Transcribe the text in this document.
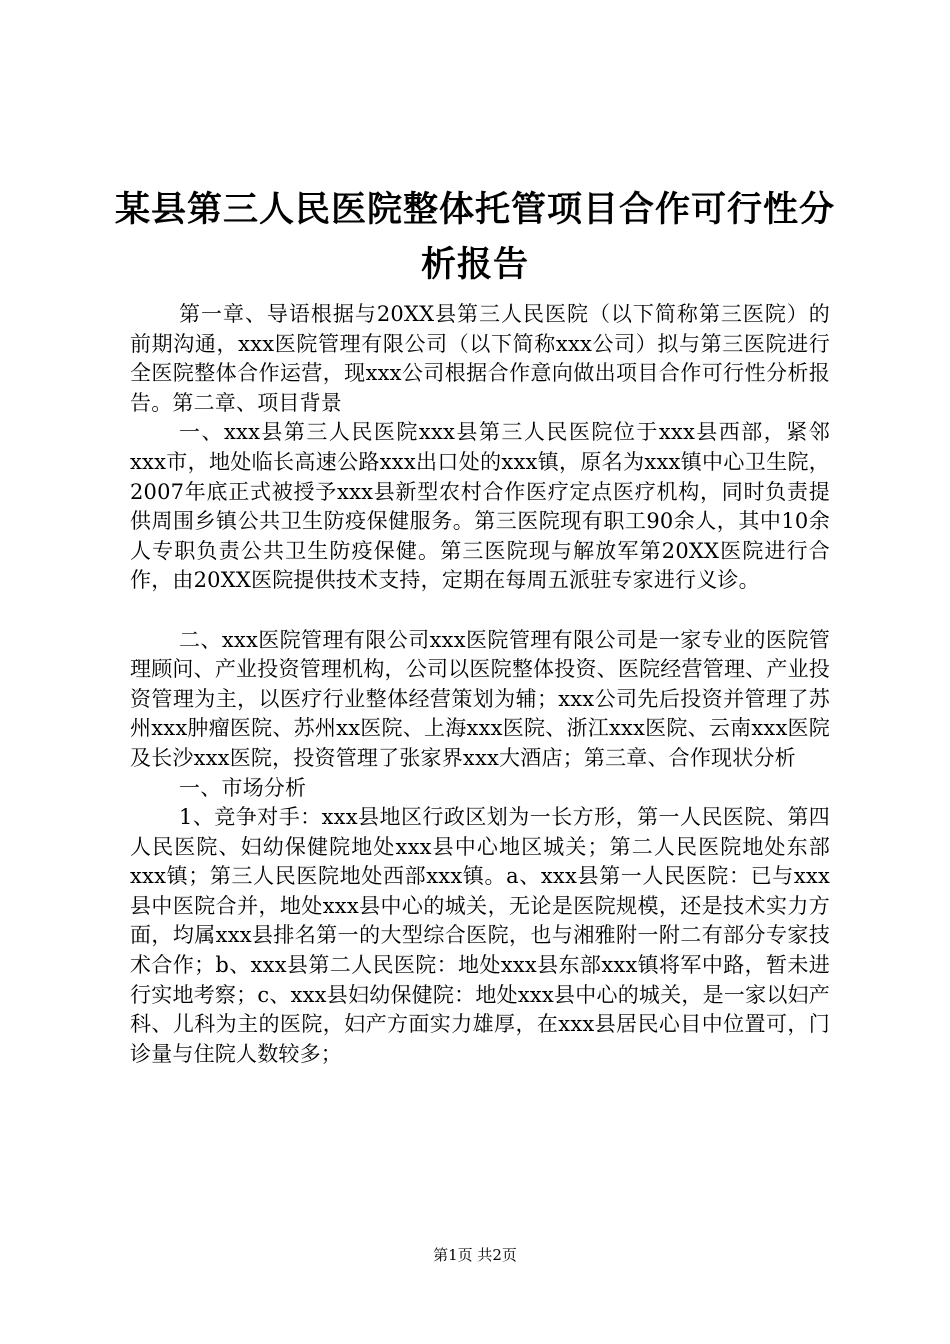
某县第三人民医院整体托管项目合作可行性分
析报告

第一章、导语根据与20XX县第三人民医院（以下简称第三医院）的前期沟通，xxx医院管理有限公司（以下简称xxx公司）拟与第三医院进行全医院整体合作运营，现xxx公司根据合作意向做出项目合作可行性分析报告。第二章、项目背景

一、xxx县第三人民医院xxx县第三人民医院位于xxx县西部，紧邻xxx市，地处临长高速公路xxx出口处的xxx镇，原名为xxx镇中心卫生院，2007年底正式被授予xxx县新型农村合作医疗定点医疗机构，同时负责提供周围乡镇公共卫生防疫保健服务。第三医院现有职工90余人，其中10余人专职负责公共卫生防疫保健。第三医院现与解放军第20XX医院进行合作，由20XX医院提供技术支持，定期在每周五派驻专家进行义诊。

二、xxx医院管理有限公司xxx医院管理有限公司是一家专业的医院管理顾问、产业投资管理机构，公司以医院整体投资、医院经营管理、产业投资管理为主，以医疗行业整体经营策划为辅；xxx公司先后投资并管理了苏州xxx肿瘤医院、苏州xx医院、上海xxx医院、浙江xxx医院、云南xxx医院及长沙xxx医院，投资管理了张家界xxx大酒店；第三章、合作现状分析

一、市场分析

1、竞争对手：xxx县地区行政区划为一长方形，第一人民医院、第四人民医院、妇幼保健院地处xxx县中心地区城关；第二人民医院地处东部xxx镇；第三人民医院地处西部xxx镇。a、xxx县第一人民医院：已与xxx县中医院合并，地处xxx县中心的城关，无论是医院规模，还是技术实力方面，均属xxx县排名第一的大型综合医院，也与湘雅附一附二有部分专家技术合作；b、xxx县第二人民医院：地处xxx县东部xxx镇将军中路，暂未进行实地考察；c、xxx县妇幼保健院：地处xxx县中心的城关，是一家以妇产科、儿科为主的医院，妇产方面实力雄厚，在xxx县居民心目中位置可，门诊量与住院人数较多；

第1页 共2页
